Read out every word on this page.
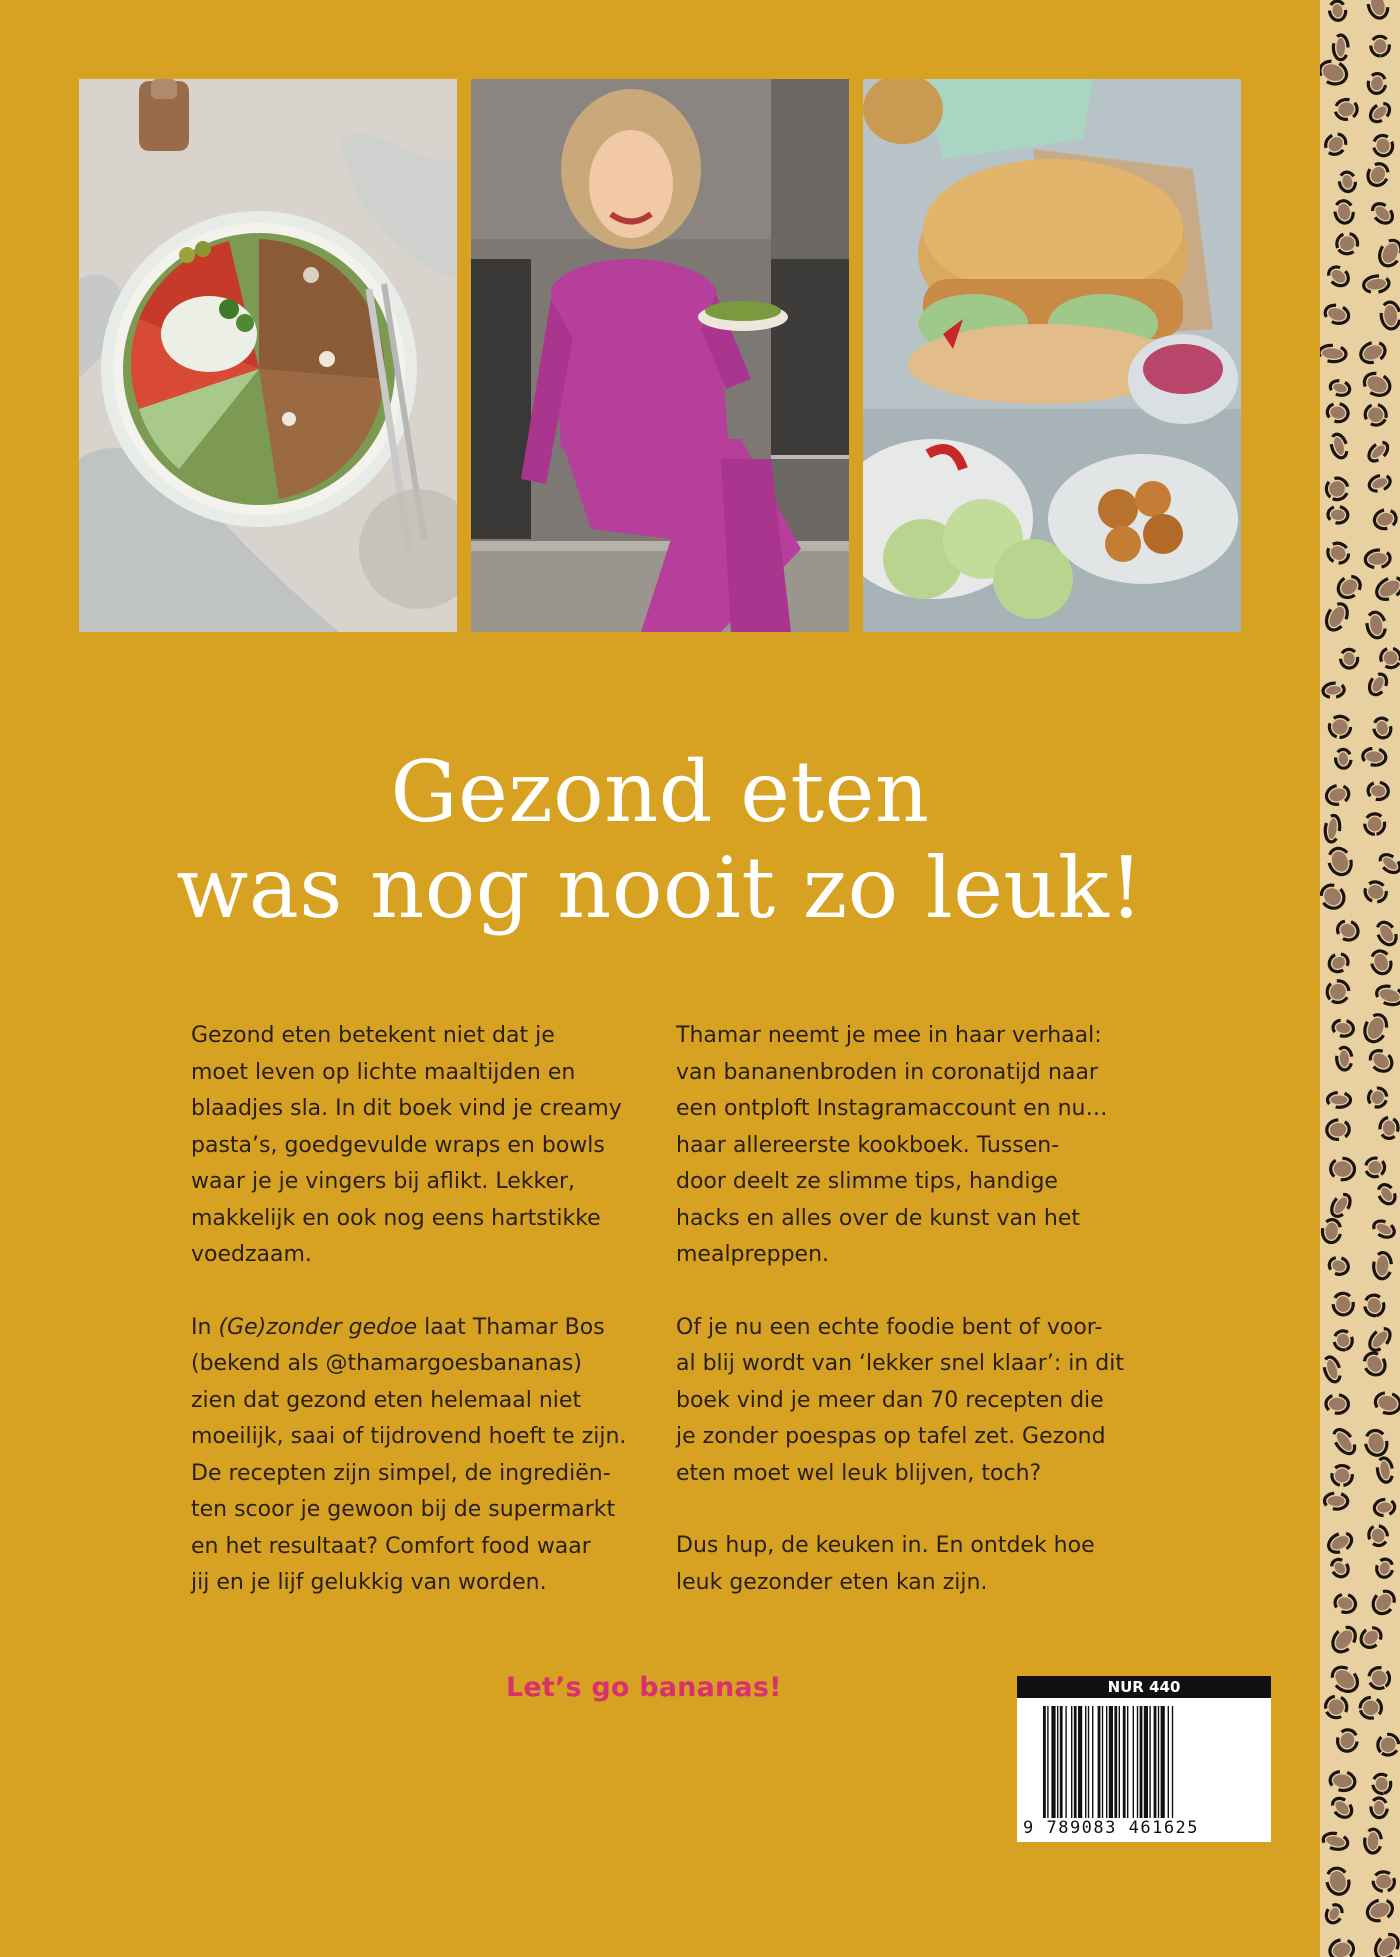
Gezond eten
was nog nooit zo leuk!

Gezond eten betekent niet dat je
moet leven op lichte maaltijden en
blaadjes sla. In dit boek vind je creamy
pasta’s, goedgevulde wraps en bowls
waar je je vingers bij aflikt. Lekker,
makkelijk en ook nog eens hartstikke
voedzaam.

In (Ge)zonder gedoe laat Thamar Bos
(bekend als @thamargoesbananas)
zien dat gezond eten helemaal niet
moeilijk, saai of tijdrovend hoeft te zijn.
De recepten zijn simpel, de ingrediën-
ten scoor je gewoon bij de supermarkt
en het resultaat? Comfort food waar
jij en je lijf gelukkig van worden.

Thamar neemt je mee in haar verhaal:
van bananenbroden in coronatijd naar
een ontploft Instagramaccount en nu…
haar allereerste kookboek. Tussen-
door deelt ze slimme tips, handige
hacks en alles over de kunst van het
mealpreppen.

Of je nu een echte foodie bent of voor-
al blij wordt van ‘lekker snel klaar’: in dit
boek vind je meer dan 70 recepten die
je zonder poespas op tafel zet. Gezond
eten moet wel leuk blijven, toch?

Dus hup, de keuken in. En ontdek hoe
leuk gezonder eten kan zijn.

Let’s go bananas!	NUR 440
9 789083 461625
